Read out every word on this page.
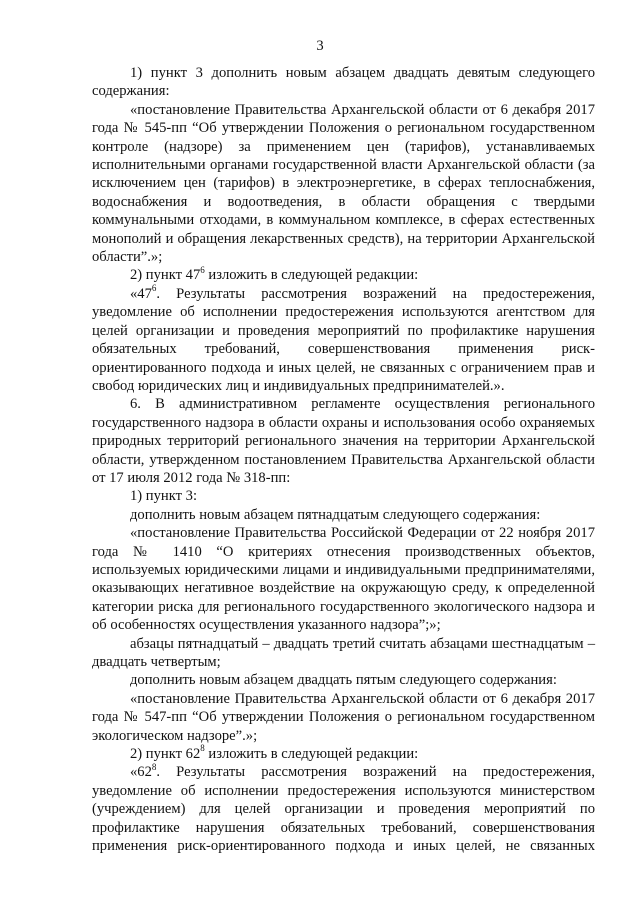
3

1) пункт 3 дополнить новым абзацем двадцать девятым следующего содержания:

«постановление Правительства Архангельской области от 6 декабря 2017 года № 545-пп “Об утверждении Положения о региональном государственном контроле (надзоре) за применением цен (тарифов), устанавливаемых исполнительными органами государственной власти Архангельской области (за исключением цен (тарифов) в электроэнергетике, в сферах теплоснабжения, водоснабжения и водоотведения, в области обращения с твердыми коммунальными отходами, в коммунальном комплексе, в сферах естественных монополий и обращения лекарственных средств), на территории Архангельской области”.»;

2) пункт $47^6$ изложить в следующей редакции:

«$47^6$. Результаты рассмотрения возражений на предостережения, уведомление об исполнении предостережения используются агентством для целей организации и проведения мероприятий по профилактике нарушения обязательных требований, совершенствования применения риск-ориентированного подхода и иных целей, не связанных с ограничением прав и свобод юридических лиц и индивидуальных предпринимателей.».

6. В административном регламенте осуществления регионального государственного надзора в области охраны и использования особо охраняемых природных территорий регионального значения на территории Архангельской области, утвержденном постановлением Правительства Архангельской области от 17 июля 2012 года № 318-пп:

1) пункт 3:

дополнить новым абзацем пятнадцатым следующего содержания:

«постановление Правительства Российской Федерации от 22 ноября 2017 года № 1410 “О критериях отнесения производственных объектов, используемых юридическими лицами и индивидуальными предпринимателями, оказывающих негативное воздействие на окружающую среду, к определенной категории риска для регионального государственного экологического надзора и об особенностях осуществления указанного надзора”;»;

абзацы пятнадцатый – двадцать третий считать абзацами шестнадцатым – двадцать четвертым;

дополнить новым абзацем двадцать пятым следующего содержания:

«постановление Правительства Архангельской области от 6 декабря 2017 года № 547-пп “Об утверждении Положения о региональном государственном экологическом надзоре”.»;

2) пункт $62^8$ изложить в следующей редакции:

«$62^8$. Результаты рассмотрения возражений на предостережения, уведомление об исполнении предостережения используются министерством (учреждением) для целей организации и проведения мероприятий по профилактике нарушения обязательных требований, совершенствования применения риск-ориентированного подхода и иных целей, не связанных
